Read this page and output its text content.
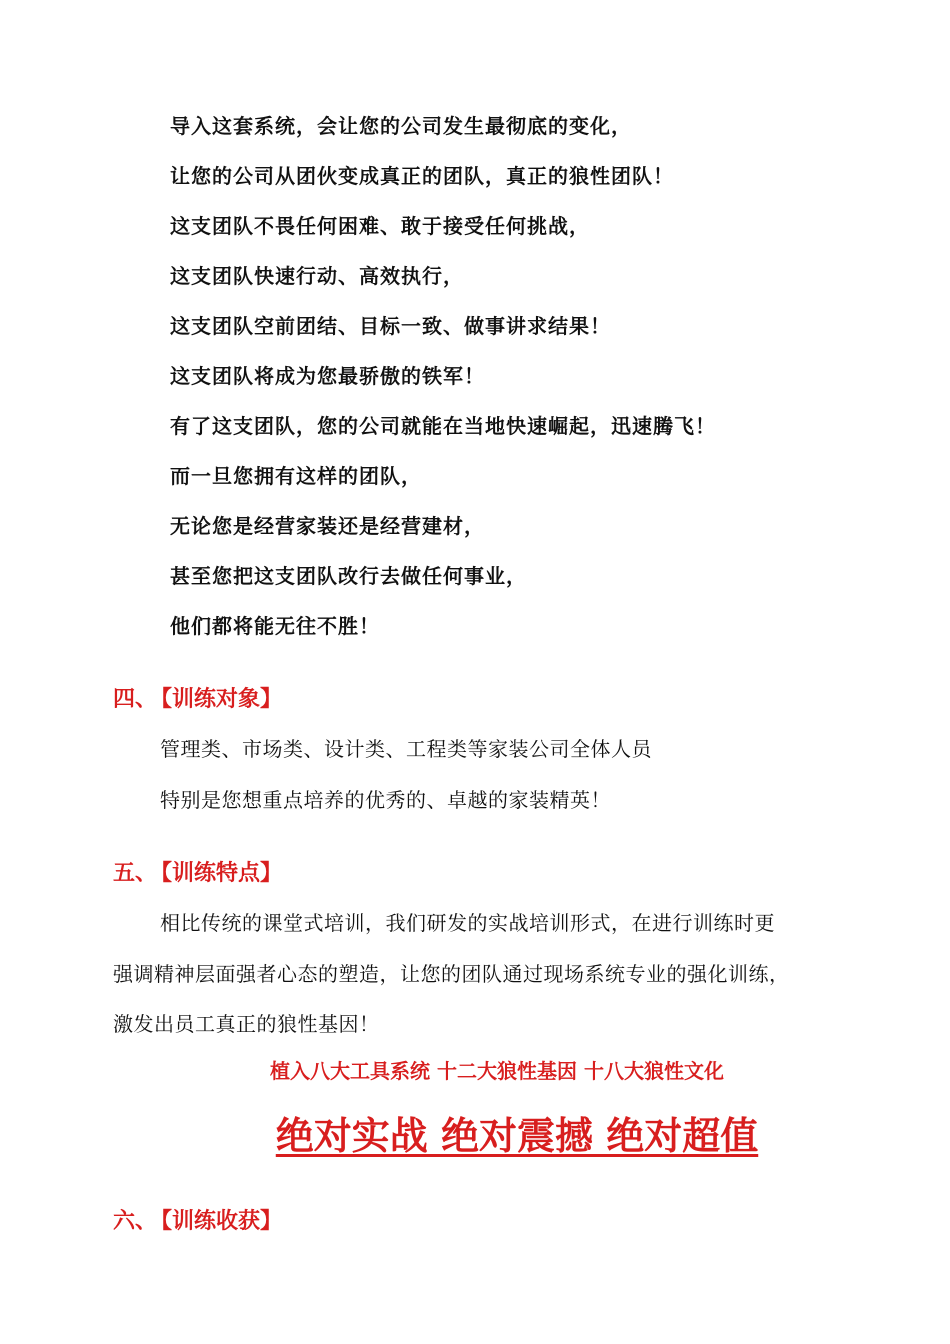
导入这套系统，会让您的公司发生最彻底的变化，
让您的公司从团伙变成真正的团队，真正的狼性团队！
这支团队不畏任何困难、敢于接受任何挑战，
这支团队快速行动、高效执行，
这支团队空前团结、目标一致、做事讲求结果！
这支团队将成为您最骄傲的铁军！
有了这支团队，您的公司就能在当地快速崛起，迅速腾飞！
而一旦您拥有这样的团队，
无论您是经营家装还是经营建材，
甚至您把这支团队改行去做任何事业，
他们都将能无往不胜！
四、 【训练对象】
管理类、市场类、设计类、工程类等家装公司全体人员
特别是您想重点培养的优秀的、卓越的家装精英！
五、 【训练特点】
相比传统的课堂式培训，我们研发的实战培训形式，在进行训练时更
强调精神层面强者心态的塑造，让您的团队通过现场系统专业的强化训练，
激发出员工真正的狼性基因！
植入八大工具系统 十二大狼性基因 十八大狼性文化
绝对实战 绝对震撼 绝对超值
六、 【训练收获】
